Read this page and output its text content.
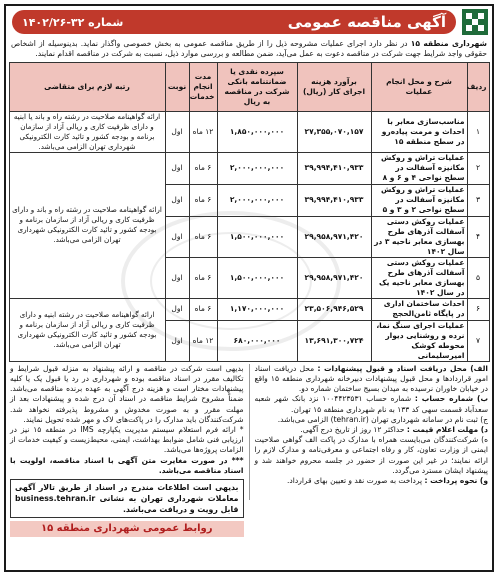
آگهی مناقصه عمومی
شماره ۳۲-۱۴۰۲/۲۶
شهرداری منطقه ۱۵ در نظر دارد اجرای عملیات مشروحه ذیل را از طریق مناقصه عمومی به بخش خصوصی واگذار نماید. بدینوسیله از اشخاص حقوقی واجد شرایط جهت شرکت در مناقصه دعوت به عمل می‌آید، ضمن مطالعه و بررسی موارد ذیل، نسبت به شرکت در مناقصه اقدام نمایند.
ردیف	شرح و محل انجام عملیات	برآورد هزینه اجرای کار (ریال)	سپرده نقدی یا ضمانتنامه بانکی شرکت در مناقصه به ریال	مدت انجام خدمات	نوبت	رتبه لازم برای متقاضی
۱	مناسب‌سازی معابر با احداث و مرمت پیاده‌رو در سطح منطقه ۱۵	۲۷,۳۵۵,۰۷۰,۱۵۷	۱,۸۵۰,۰۰۰,۰۰۰	۱۲ ماه	اول	ارائه گواهینامه صلاحیت در رشته راه و باند یا ابنیه و دارای ظرفیت کاری و ریالی آزاد از سازمان برنامه و بودجه کشور و تائید کارت الکترونیکی شهرداری تهران الزامی می‌باشد.
۲	عملیات تراش و روکش مکانیزه آسفالت در سطح نواحی ۴ و ۶ و ۸	۳۹,۹۹۴,۴۱۰,۹۳۳	۲,۰۰۰,۰۰۰,۰۰۰	۶ ماه	اول	ارائه گواهینامه صلاحیت در رشته راه و باند و دارای ظرفیت کاری و ریالی آزاد از سازمان برنامه و بودجه کشور و تائید کارت الکترونیکی شهرداری تهران الزامی می‌باشد.
۳	عملیات تراش و روکش مکانیزه آسفالت در سطح نواحی ۲ و ۳ و ۵	۳۹,۹۹۴,۴۱۰,۹۳۳	۲,۰۰۰,۰۰۰,۰۰۰	۶ ماه	اول	
۴	عملیات روکش دستی آسفالت آذرهای طرح بهسازی معابر ناحیه ۳ در سال ۱۴۰۲	۲۹,۹۵۸,۹۷۱,۴۲۰	۱,۵۰۰,۰۰۰,۰۰۰	۶ ماه	اول	
۵	عملیات روکش دستی آسفالت آذرهای طرح بهسازی معابر ناحیه یک در سال ۱۴۰۲	۲۹,۹۵۸,۹۷۱,۴۲۰	۱,۵۰۰,۰۰۰,۰۰۰	۶ ماه	اول	
۶	احداث ساختمان اداری در پایگاه ثامن‌الحجج	۲۳,۵۰۶,۹۴۶,۵۲۹	۱,۱۷۰,۰۰۰,۰۰۰	۶ ماه	اول	ارائه گواهینامه صلاحیت در رشته ابنیه و دارای ظرفیت کاری و ریالی آزاد از سازمان برنامه و بودجه کشور و تائید کارت الکترونیکی شهرداری تهران الزامی می‌باشد.
۷	عملیات اجرای سنگ نما، نرده و روشنایی دیوار محوطه کوشک امیرسلیمانی	۱۳,۶۹۱,۳۰۰,۷۲۴	۶۸۰,۰۰۰,۰۰۰	۱۲ ماه	اول	
الف) محل دریافت اسناد و قبول پیشنهادات : محل دریافت اسناد امور قراردادها و محل قبول پیشنهادات دبیرخانه شهرداری منطقه ۱۵ واقع در خیابان خاوران نرسیده به میدان بسیج ساختمان شماره دو.
ب) شماره حساب : شماره حساب ۱۰۰۴۴۲۳۵۳۱ نزد بانک شهر شعبه سعدآباد قسمت سهی کد ۱۳۳ به نام شهرداری منطقه ۱۵ تهران.
ج) ثبت نام در سامانه شهرداری تهران (tehran.ir) الزامی می‌باشد.
د) مهلت اعلام قیمت : حداکثر ۱۲ روز از تاریخ درج آگهی.
ه) شرکت‌کنندگان می‌بایست همراه با مدارک در پاکت الف گواهی صلاحیت ایمنی از وزارت تعاون، کار و رفاه اجتماعی و معرفی‌نامه و مدارک لازم را ارائه نمایند؛ در غیر این صورت از حضور در جلسه محروم خواهند شد و پیشنهاد ایشان مسترد می‌گردد.
و) نحوه پرداخت : پرداخت به صورت نقد و تعیین بهای قرارداد.
بدیهی است شرکت در مناقصه و ارائه پیشنهاد به منزله قبول شرایط و تکالیف مقرر در اسناد مناقصه بوده و شهرداری در رد یا قبول یک یا کلیه پیشنهادات مختار است و هزینه درج آگهی به عهده برنده مناقصه می‌باشد. ضمناً مشروح شرایط مناقصه در اسناد آن درج شده و پیشنهادات بعد از مهلت مقرر و به صورت مخدوش و مشروط پذیرفته نخواهد شد. شرکت‌کنندگان باید مدارک را در پاکت‌های لاک و مهر شده تحویل نمایند.
* ارائه فرم استعلام سیستم مدیریت یکپارچه IMS در منطقه ۱۵ نیز در ارزیابی فنی شامل ضوابط بهداشت، ایمنی، محیط‌زیست و کیفیت خدمات از الزامات پروژه‌ها می‌باشد.
*** در صورت مغایرت متن آگهی با اسناد مناقصه، اولویت با اسناد مناقصه می‌باشد.
بدیهی است اطلاعات مندرج در اسناد از طریق تالار آگهی معاملات شهرداری تهران به نشانی business.tehran.ir قابل رویت و دریافت می‌باشد.
روابط عمومی شهرداری منطقه ۱۵
